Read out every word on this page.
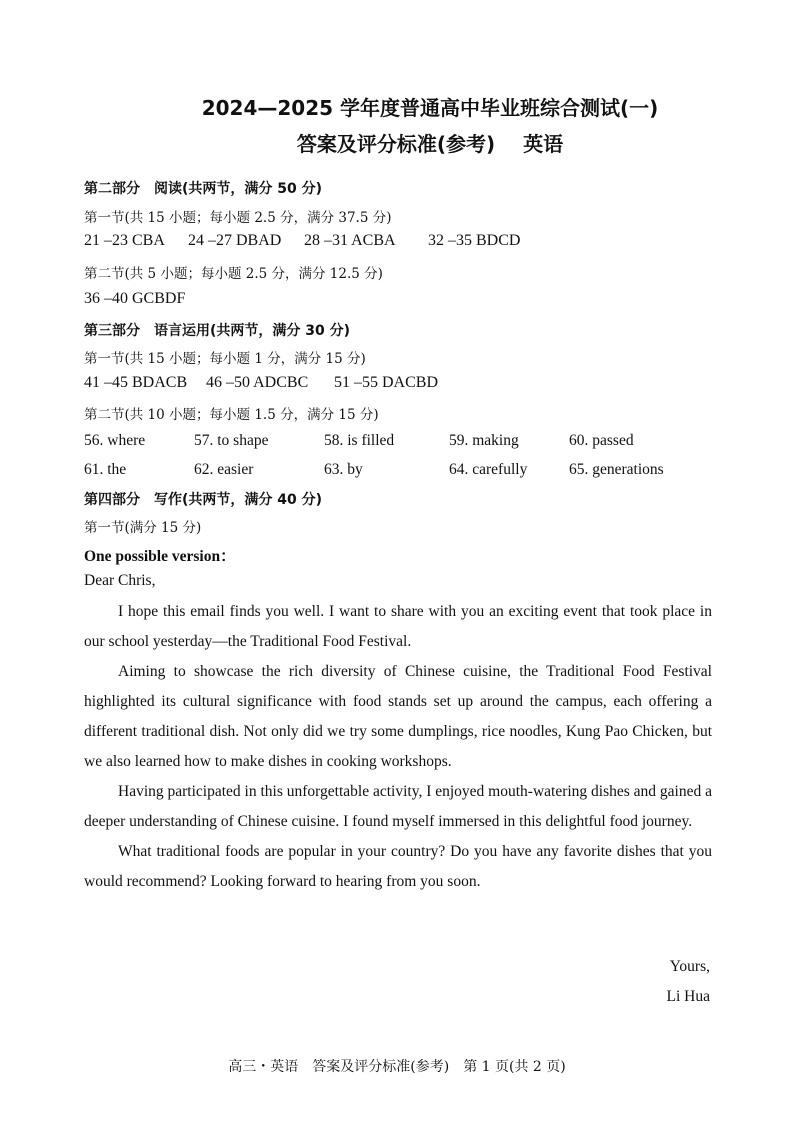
2024—2025 学年度普通高中毕业班综合测试(一)
答案及评分标准(参考) 英语
第二部分　阅读(共两节，满分 50 分)
第一节(共 15 小题；每小题 2.5 分，满分 37.5 分)
21 –23 CBA 24 –27 DBAD 28 –31 ACBA 32 –35 BDCD
第二节(共 5 小题；每小题 2.5 分，满分 12.5 分)
36 –40 GCBDF
第三部分　语言运用(共两节，满分 30 分)
第一节(共 15 小题；每小题 1 分，满分 15 分)
41 –45 BDACB 46 –50 ADCBC 51 –55 DACBD
第二节(共 10 小题；每小题 1.5 分，满分 15 分)
56. where	57. to shape	58. is filled	59. making	60. passed
61. the	62. easier	63. by	64. carefully	65. generations
第四部分　写作(共两节，满分 40 分)
第一节(满分 15 分)
One possible version：
Dear Chris,

I hope this email finds you well. I want to share with you an exciting event that took place in our school yesterday—the Traditional Food Festival.

Aiming to showcase the rich diversity of Chinese cuisine, the Traditional Food Festival highlighted its cultural significance with food stands set up around the campus, each offering a different traditional dish. Not only did we try some dumplings, rice noodles, Kung Pao Chicken, but we also learned how to make dishes in cooking workshops.

Having participated in this unforgettable activity, I enjoyed mouth-watering dishes and gained a deeper understanding of Chinese cuisine. I found myself immersed in this delightful food journey.

What traditional foods are popular in your country? Do you have any favorite dishes that you would recommend? Looking forward to hearing from you soon.

Yours,
Li Hua
高三・英语　答案及评分标准(参考)　第 1 页(共 2 页)
